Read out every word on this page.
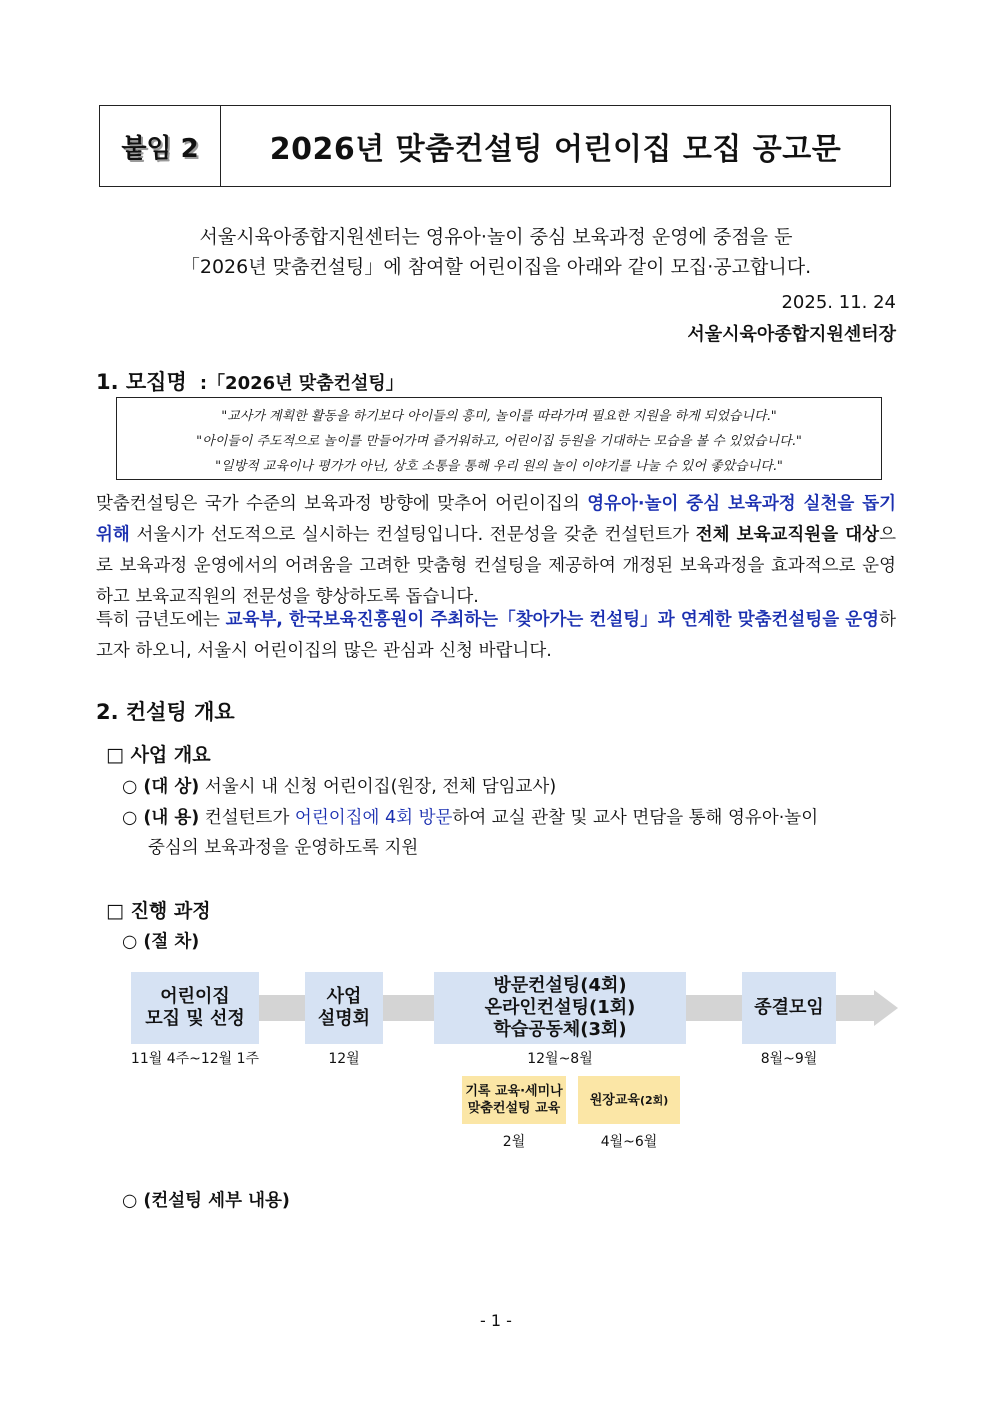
붙임 2	2026년 맞춤컨설팅 어린이집 모집 공고문
서울시육아종합지원센터는 영유아·놀이 중심 보육과정 운영에 중점을 둔
「2026년 맞춤컨설팅」에 참여할 어린이집을 아래와 같이 모집·공고합니다.
2025. 11. 24
서울시육아종합지원센터장
1. 모집명 :「2026년 맞춤컨설팅」
"교사가 계획한 활동을 하기보다 아이들의 흥미, 놀이를 따라가며 필요한 지원을 하게 되었습니다."
"아이들이 주도적으로 놀이를 만들어가며 즐거워하고, 어린이집 등원을 기대하는 모습을 볼 수 있었습니다."
"일방적 교육이나 평가가 아닌, 상호 소통을 통해 우리 원의 놀이 이야기를 나눌 수 있어 좋았습니다."
맞춤컨설팅은 국가 수준의 보육과정 방향에 맞추어 어린이집의 영유아·놀이 중심 보육과정 실천을 돕기 위해 서울시가 선도적으로 실시하는 컨설팅입니다. 전문성을 갖춘 컨설턴트가 전체 보육교직원을 대상으로 보육과정 운영에서의 어려움을 고려한 맞춤형 컨설팅을 제공하여 개정된 보육과정을 효과적으로 운영하고 보육교직원의 전문성을 향상하도록 돕습니다.
특히 금년도에는 교육부, 한국보육진흥원이 주최하는「찾아가는 컨설팅」과 연계한 맞춤컨설팅을 운영하고자 하오니, 서울시 어린이집의 많은 관심과 신청 바랍니다.
2. 컨설팅 개요
□ 사업 개요
○ (대 상) 서울시 내 신청 어린이집(원장, 전체 담임교사)
○ (내 용) 컨설턴트가 어린이집에 4회 방문하여 교실 관찰 및 교사 면담을 통해 영유아·놀이
중심의 보육과정을 운영하도록 지원
□ 진행 과정
○ (절 차)
어린이집
모집 및 선정
11월 4주~12월 1주
사업
설명회
12월
방문컨설팅(4회)
온라인컨설팅(1회)
학습공동체(3회)
12월~8월
종결모임
8월~9월
기록 교육·세미나
맞춤컨설팅 교육
2월
원장교육 (2회)
4월~6월
○ (컨설팅 세부 내용)
- 1 -
